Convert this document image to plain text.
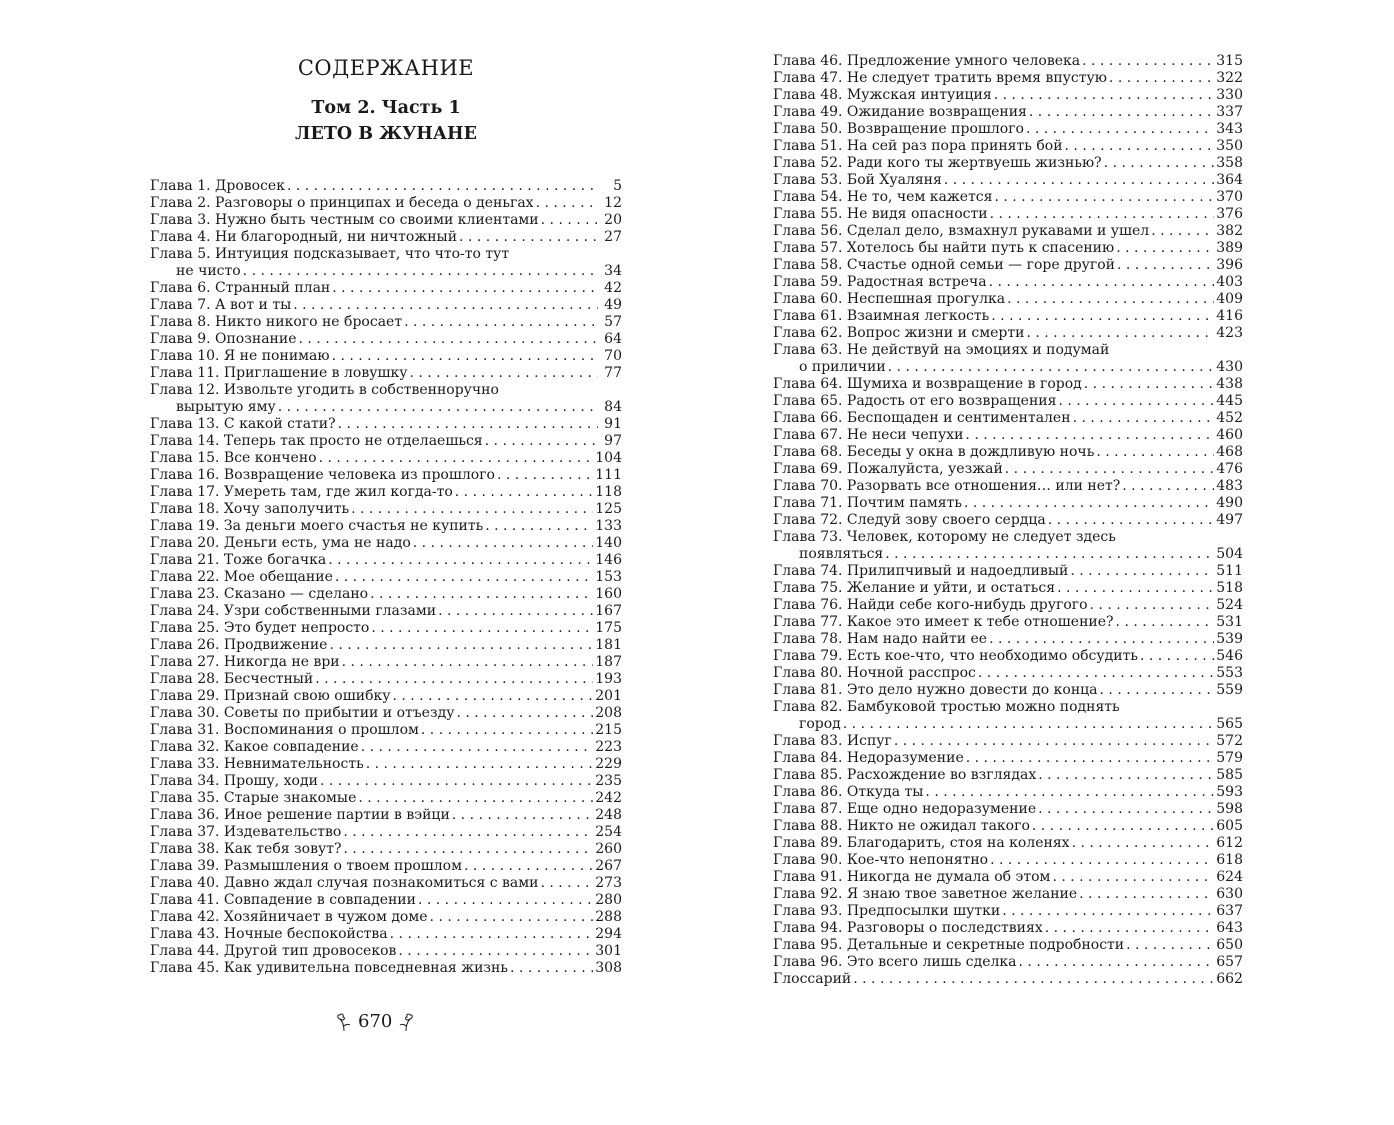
СОДЕРЖАНИЕ
Том 2. Часть 1
ЛЕТО В ЖУНАНЕ
Глава 1. Дровосек . . .	5
Глава 2. Разговоры о принципах и беседа о деньгах . . .	12
Глава 3. Нужно быть честным со своими клиентами . . .	20
Глава 4. Ни благородный, ни ничтожный . . .	27
Глава 5. Интуиция подсказывает, что что-то тут
не чисто . . .	34
Глава 6. Странный план . . .	42
Глава 7. А вот и ты . . .	49
Глава 8. Никто никого не бросает . . .	57
Глава 9. Опознание . . .	64
Глава 10. Я не понимаю . . .	70
Глава 11. Приглашение в ловушку . . .	77
Глава 12. Извольте угодить в собственноручно
вырытую яму . . .	84
Глава 13. С какой стати? . . .	91
Глава 14. Теперь так просто не отделаешься . . .	97
Глава 15. Все кончено . . .	104
Глава 16. Возвращение человека из прошлого . . .	111
Глава 17. Умереть там, где жил когда-то . . .	118
Глава 18. Хочу заполучить . . .	125
Глава 19. За деньги моего счастья не купить . . .	133
Глава 20. Деньги есть, ума не надо . . .	140
Глава 21. Тоже богачка . . .	146
Глава 22. Мое обещание . . .	153
Глава 23. Сказано — сделано . . .	160
Глава 24. Узри собственными глазами . . .	167
Глава 25. Это будет непросто . . .	175
Глава 26. Продвижение . . .	181
Глава 27. Никогда не ври . . .	187
Глава 28. Бесчестный . . .	193
Глава 29. Признай свою ошибку . . .	201
Глава 30. Советы по прибытии и отъезду . . .	208
Глава 31. Воспоминания о прошлом . . .	215
Глава 32. Какое совпадение . . .	223
Глава 33. Невнимательность . . .	229
Глава 34. Прошу, ходи . . .	235
Глава 35. Старые знакомые . . .	242
Глава 36. Иное решение партии в вэйци . . .	248
Глава 37. Издевательство . . .	254
Глава 38. Как тебя зовут? . . .	260
Глава 39. Размышления о твоем прошлом . . .	267
Глава 40. Давно ждал случая познакомиться с вами . . .	273
Глава 41. Совпадение в совпадении . . .	280
Глава 42. Хозяйничает в чужом доме . . .	288
Глава 43. Ночные беспокойства . . .	294
Глава 44. Другой тип дровосеков . . .	301
Глава 45. Как удивительна повседневная жизнь . . .	308
670
Глава 46. Предложение умного человека . . .	315
Глава 47. Не следует тратить время впустую . . .	322
Глава 48. Мужская интуиция . . .	330
Глава 49. Ожидание возвращения . . .	337
Глава 50. Возвращение прошлого . . .	343
Глава 51. На сей раз пора принять бой . . .	350
Глава 52. Ради кого ты жертвуешь жизнью? . . .	358
Глава 53. Бой Хуаляня . . .	364
Глава 54. Не то, чем кажется . . .	370
Глава 55. Не видя опасности . . .	376
Глава 56. Сделал дело, взмахнул рукавами и ушел . . .	382
Глава 57. Хотелось бы найти путь к спасению . . .	389
Глава 58. Счастье одной семьи — горе другой . . .	396
Глава 59. Радостная встреча . . .	403
Глава 60. Неспешная прогулка . . .	409
Глава 61. Взаимная легкость . . .	416
Глава 62. Вопрос жизни и смерти . . .	423
Глава 63. Не действуй на эмоциях и подумай
о приличии . . .	430
Глава 64. Шумиха и возвращение в город . . .	438
Глава 65. Радость от его возвращения . . .	445
Глава 66. Беспощаден и сентиментален . . .	452
Глава 67. Не неси чепухи . . .	460
Глава 68. Беседы у окна в дождливую ночь . . .	468
Глава 69. Пожалуйста, уезжай . . .	476
Глава 70. Разорвать все отношения… или нет? . . .	483
Глава 71. Почтим память . . .	490
Глава 72. Следуй зову своего сердца . . .	497
Глава 73. Человек, которому не следует здесь
появляться . . .	504
Глава 74. Прилипчивый и надоедливый . . .	511
Глава 75. Желание и уйти, и остаться . . .	518
Глава 76. Найди себе кого-нибудь другого . . .	524
Глава 77. Какое это имеет к тебе отношение? . . .	531
Глава 78. Нам надо найти ее . . .	539
Глава 79. Есть кое-что, что необходимо обсудить . . .	546
Глава 80. Ночной расспрос . . .	553
Глава 81. Это дело нужно довести до конца . . .	559
Глава 82. Бамбуковой тростью можно поднять
город . . .	565
Глава 83. Испуг . . .	572
Глава 84. Недоразумение . . .	579
Глава 85. Расхождение во взглядах . . .	585
Глава 86. Откуда ты . . .	593
Глава 87. Еще одно недоразумение . . .	598
Глава 88. Никто не ожидал такого . . .	605
Глава 89. Благодарить, стоя на коленях . . .	612
Глава 90. Кое-что непонятно . . .	618
Глава 91. Никогда не думала об этом . . .	624
Глава 92. Я знаю твое заветное желание . . .	630
Глава 93. Предпосылки шутки . . .	637
Глава 94. Разговоры о последствиях . . .	643
Глава 95. Детальные и секретные подробности . . .	650
Глава 96. Это всего лишь сделка . . .	657
Глоссарий . . .	662
